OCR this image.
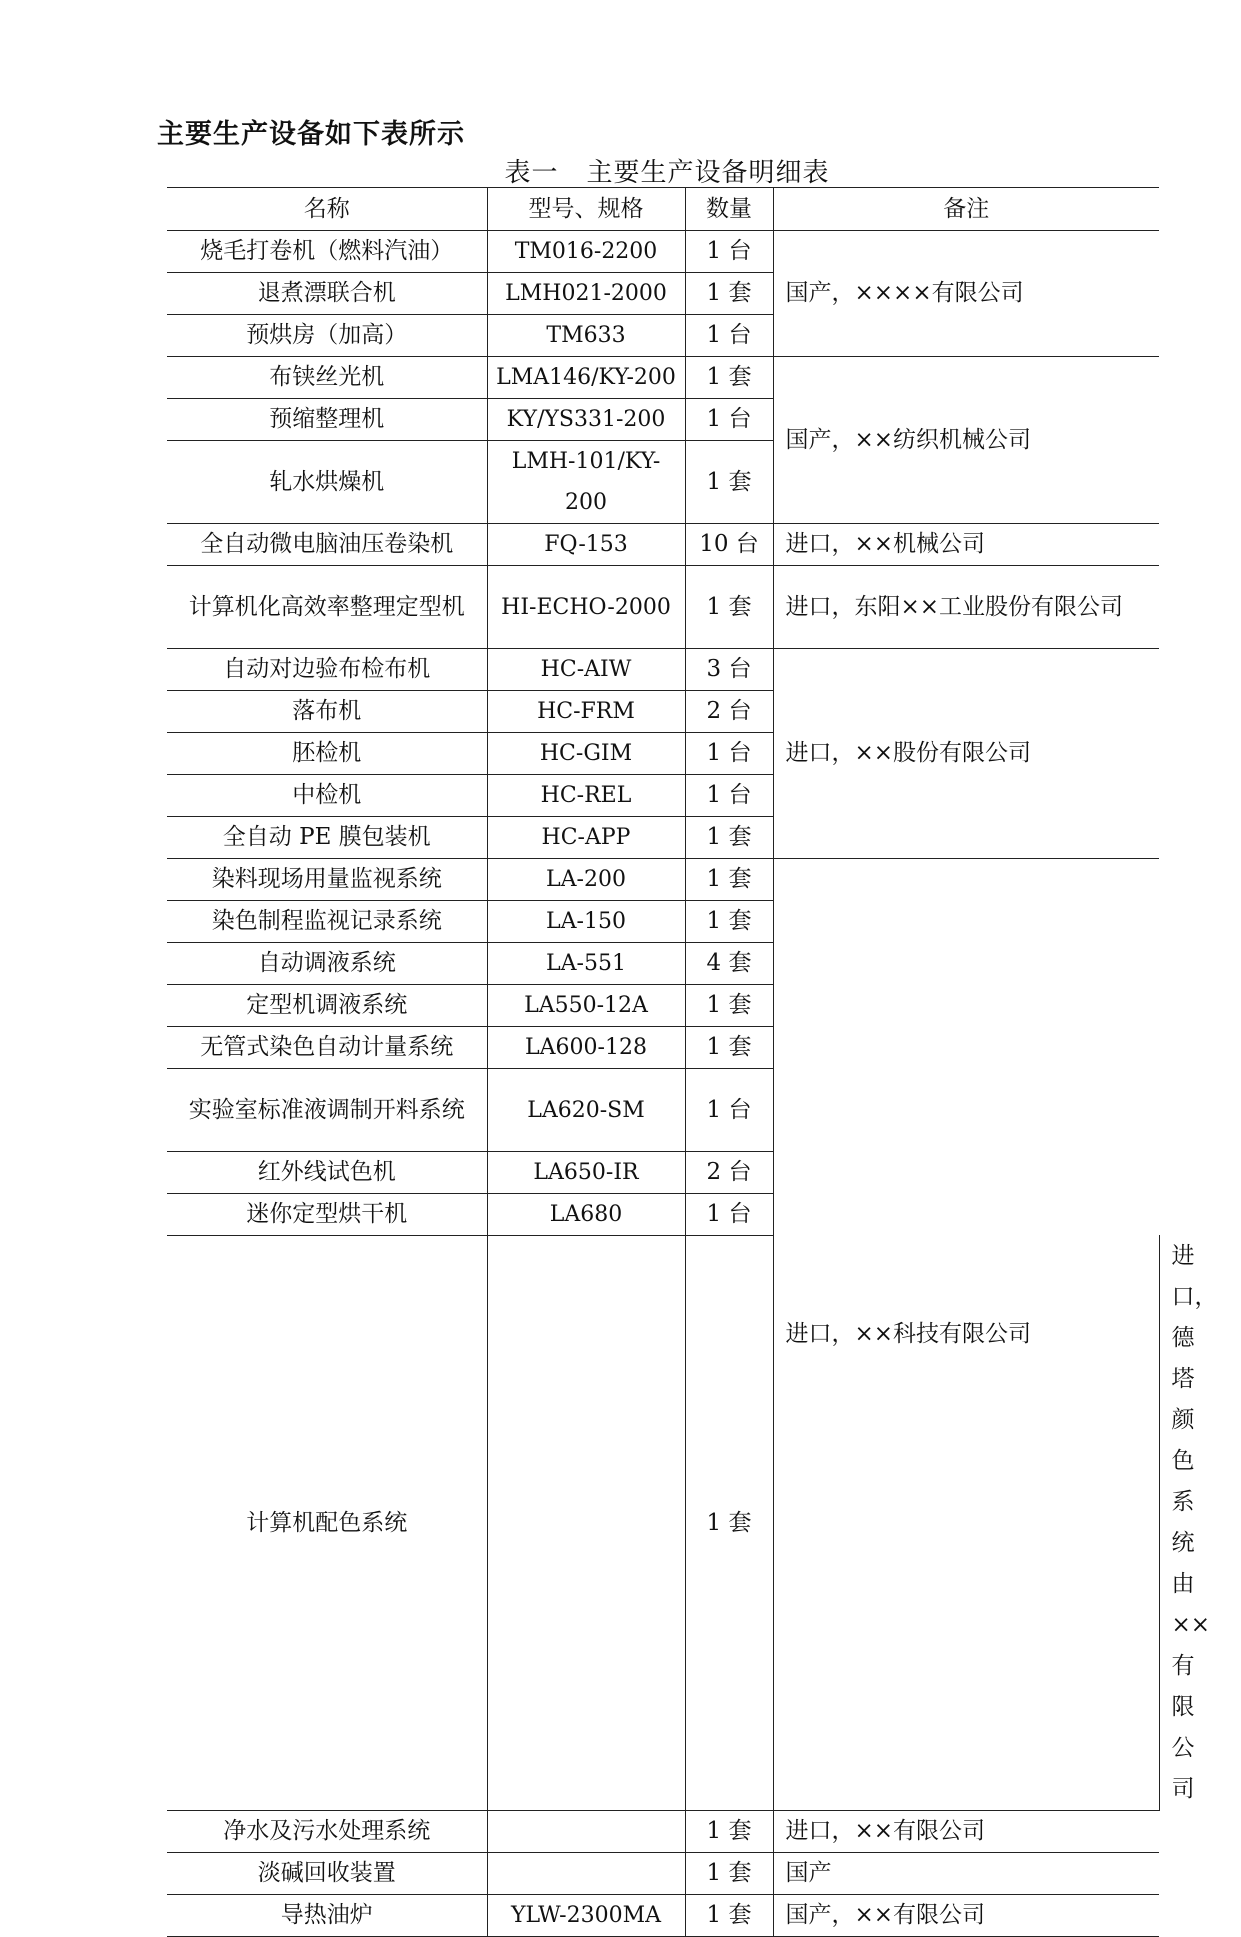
主要生产设备如下表所示
表一 主要生产设备明细表
名称	型号、规格	数量	备注	
烧毛打卷机（燃料汽油）	TM016-2200	1 台	国产，××××有限公司	
退煮漂联合机	LMH021-2000	1 套		
预烘房（加高）	TM633	1 台		
布铗丝光机	LMA146/KY-200	1 套	国产，××纺织机械公司	
预缩整理机	KY/YS331-200	1 台		
轧水烘燥机	LMH-101/KY-200	1 套		
全自动微电脑油压卷染机	FQ-153	10 台	进口，××机械公司	
计算机化高效率整理定型机	HI-ECHO-2000	1 套	进口，东阳××工业股份有限公司	
自动对边验布检布机	HC-AIW	3 台	进口，××股份有限公司	
落布机	HC-FRM	2 台		
胚检机	HC-GIM	1 台		
中检机	HC-REL	1 台		
全自动 PE 膜包装机	HC-APP	1 套		
染料现场用量监视系统	LA-200	1 套	进口，××科技有限公司	
染色制程监视记录系统	LA-150	1 套		
自动调液系统	LA-551	4 套		
定型机调液系统	LA550-12A	1 套		
无管式染色自动计量系统	LA600-128	1 套		
实验室标准液调制开料系统	LA620-SM	1 台		
红外线试色机	LA650-IR	2 台		
迷你定型烘干机	LA680	1 台		
计算机配色系统		1 套		进口，德塔颜色系统由××有限公司
净水及污水处理系统		1 套	进口，××有限公司	
淡碱回收装置		1 套	国产	
导热油炉	YLW-2300MA	1 套	国产，××有限公司	
